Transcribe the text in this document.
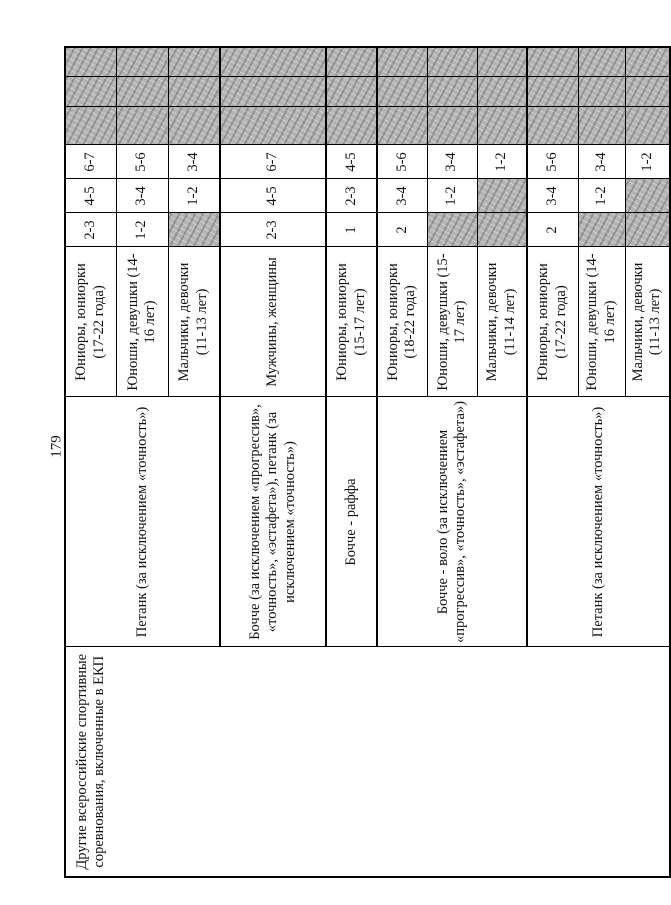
179
Другие всероссийские спортивные соревнования, включенные в ЕКП	Петанк (за исключением «точность»)	Юниоры, юниорки (17-22 года)	2-3	4-5	6-7			
		Юноши, девушки (14-16 лет)	1-2	3-4	5-6			
		Мальчики, девочки (11-13 лет)		1-2	3-4			
	Бочче (за исключением «прогрессив», «точность», «эстафета»), петанк (за исключением «точность»)	Мужчины, женщины	2-3	4-5	6-7			
	Бочче - раффа	Юниоры, юниорки (15-17 лет)	1	2-3	4-5			
	Бочче - воло (за исключением «прогрессив», «точность», «эстафета»)	Юниоры, юниорки (18-22 года)	2	3-4	5-6			
		Юноши, девушки (15-17 лет)		1-2	3-4			
		Мальчики, девочки (11-14 лет)			1-2			
	Петанк (за исключением «точность»)	Юниоры, юниорки (17-22 года)	2	3-4	5-6			
		Юноши, девушки (14-16 лет)		1-2	3-4			
		Мальчики, девочки (11-13 лет)			1-2			
